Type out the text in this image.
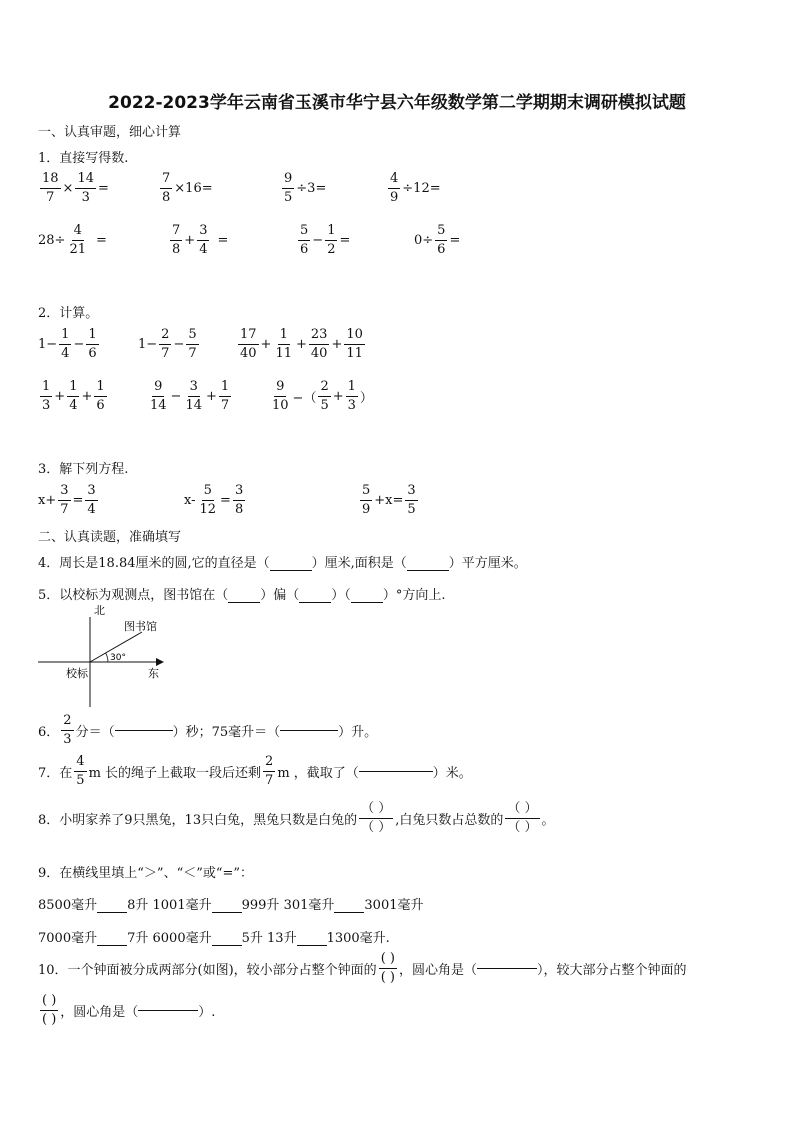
2022-2023学年云南省玉溪市华宁县六年级数学第二学期期末调研模拟试题
一、认真审题，细心计算
1．直接写得数.
$\frac{18}{7} \times \frac{14}{3}$ =	$\frac{7}{8} \times 16=$	$\frac{9}{5} \div 3=$	$\frac{4}{9} \div 12=$
$28\div \frac{4}{21}$ =	$\frac{7}{8} + \frac{3}{4}$ =	$\frac{5}{6} - \frac{1}{2}$ =	$0\div \frac{5}{6}$ =
2．计算。
$1- \frac{1}{4} - \frac{1}{6}$	$1- \frac{2}{7} - \frac{5}{7}$	$\frac{17}{40} + \frac{1}{11} + \frac{23}{40} + \frac{10}{11}$
$\frac{1}{3} + \frac{1}{4} + \frac{1}{6}$	$\frac{9}{14} - \frac{3}{14} + \frac{1}{7}$	$\frac{9}{10}$ −（ $\frac{2}{5} + \frac{1}{3}$ ）
3．解下列方程.
$x+ \frac{3}{7} = \frac{3}{4}$	$x- \frac{5}{12} = \frac{3}{8}$	$\frac{5}{9} +x= \frac{3}{5}$
二、认真读题，准确填写
4．周长是18.84厘米的圆,它的直径是（	）厘米,面积是（	）平方厘米。
5．以校标为观测点，图书馆在（ ）偏（ ）（ ）°方向上.
北
图书馆
30°
校标	东
6． $\frac{2}{3}$ 分＝（	）秒；75毫升＝（	）升。
7．在 $\frac{4}{5}$ m 长的绳子上截取一段后还剩 $\frac{2}{7}$ m ，截取了（	）米。
8．小明家养了9只黑兔，13只白兔，黑兔只数是白兔的 $\frac{( )}{( )}$ ,白兔只数占总数的 $\frac{( )}{( )}$ 。
9．在横线里填上“＞”、“＜”或“=”：
8500毫升 8升 1001毫升 999升 301毫升 3001毫升
7000毫升 7升 6000毫升 5升 13升 1300毫升.
10．一个钟面被分成两部分(如图)，较小部分占整个钟面的 $\frac{( )}{( )}$ ，圆心角是（	），较大部分占整个钟面的
$\frac{( )}{( )}$ ，圆心角是（	）.
